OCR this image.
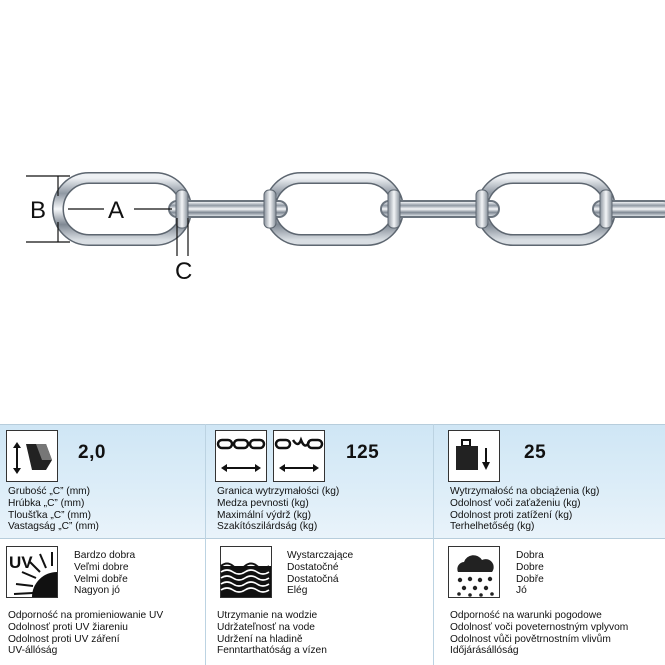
B	A
C
2,0
Grubość „C” (mm)
Hrúbka „C” (mm)
Tloušťka „C” (mm)
Vastagság „C” (mm)
125
Granica wytrzymałości (kg)
Medza pevnosti (kg)
Maximální výdrž (kg)
Szakítószilárdság (kg)
25
Wytrzymałość na obciążenia (kg)
Odolnosť voči zaťaženiu (kg)
Odolnost proti zatížení (kg)
Terhelhetőség (kg)
UV	Bardzo dobra
Veľmi dobre
Velmi dobře
Nagyon jó
Odporność na promieniowanie UV
Odolnosť proti UV žiareniu
Odolnost proti UV záření
UV-állóság
Wystarczające
Dostatočné
Dostatočná
Elég
Utrzymanie na wodzie
Udržateľnosť na vode
Udržení na hladině
Fenntarthatóság a vízen
Dobra
Dobre
Dobře
Jó
Odporność na warunki pogodowe
Odolnosť voči poveternostným vplyvom
Odolnost vůči povětrnostním vlivům
Időjárásállóság
